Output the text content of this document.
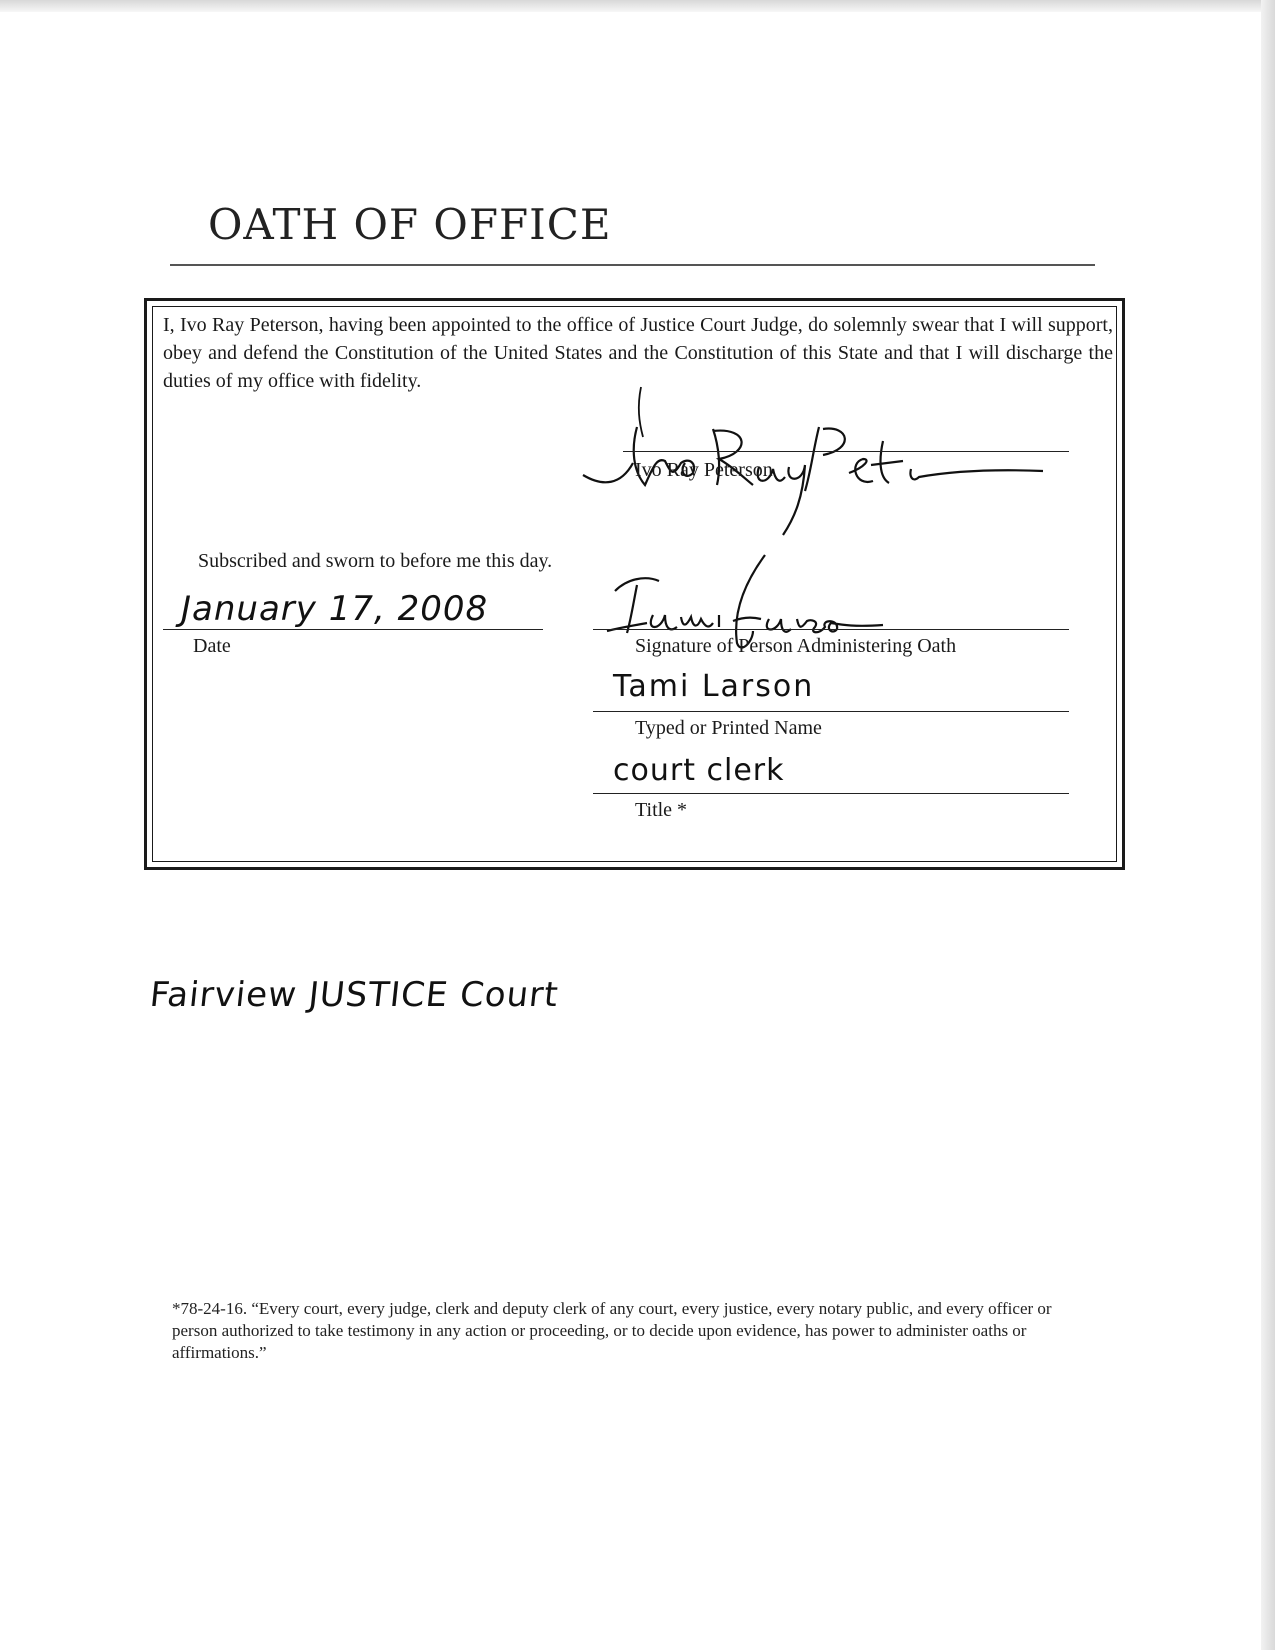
OATH OF OFFICE

I, Ivo Ray Peterson, having been appointed to the office of Justice Court Judge, do solemnly swear that I will support, obey and defend the Constitution of the United States and the Constitution of this State and that I will discharge the duties of my office with fidelity.

Ivo Ray Peterson
Subscribed and sworn to before me this day.
January 17, 2008
Date	Signature of Person Administering Oath
Tami Larson
Typed or Printed Name
court clerk
Title *
Fairview JUSTICE Court

*78-24-16. “Every court, every judge, clerk and deputy clerk of any court, every justice, every notary public, and every officer or person authorized to take testimony in any action or proceeding, or to decide upon evidence, has power to administer oaths or affirmations.”
